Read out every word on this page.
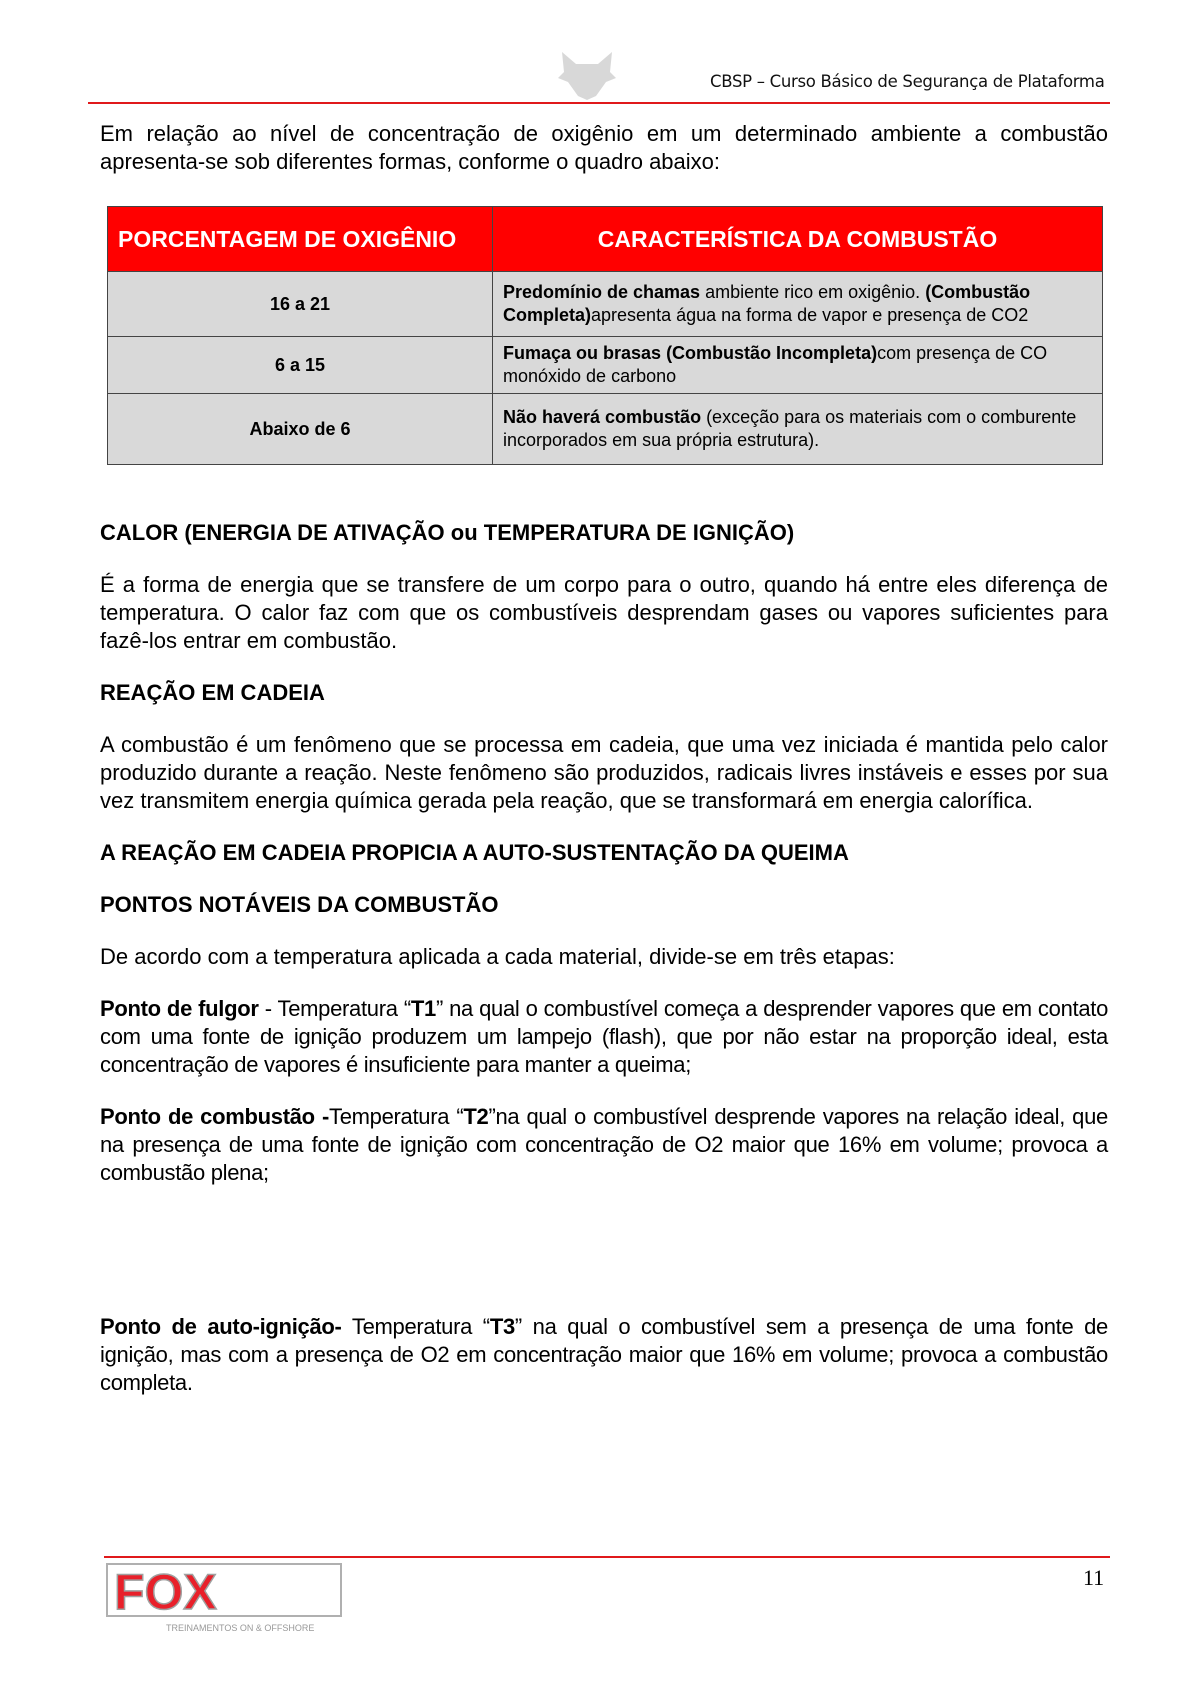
CBSP – Curso Básico de Segurança de Plataforma

Em relação ao nível de concentração de oxigênio em um determinado ambiente a combustão apresenta-se sob diferentes formas, conforme o quadro abaixo:

PORCENTAGEM DE OXIGÊNIO	CARACTERÍSTICA DA COMBUSTÃO
16 a 21	Predomínio de chamas ambiente rico em oxigênio. (Combustão Completa)apresenta água na forma de vapor e presença de CO2
6 a 15	Fumaça ou brasas (Combustão Incompleta)com presença de CO monóxido de carbono
Abaixo de 6	Não haverá combustão (exceção para os materiais com o comburente incorporados em sua própria estrutura).
CALOR (ENERGIA DE ATIVAÇÃO ou TEMPERATURA DE IGNIÇÃO)

É a forma de energia que se transfere de um corpo para o outro, quando há entre eles diferença de temperatura. O calor faz com que os combustíveis desprendam gases ou vapores suficientes para fazê-los entrar em combustão.

REAÇÃO EM CADEIA

A combustão é um fenômeno que se processa em cadeia, que uma vez iniciada é mantida pelo calor produzido durante a reação. Neste fenômeno são produzidos, radicais livres instáveis e esses por sua vez transmitem energia química gerada pela reação, que se transformará em energia calorífica.

A REAÇÃO EM CADEIA PROPICIA A AUTO-SUSTENTAÇÃO DA QUEIMA
PONTOS NOTÁVEIS DA COMBUSTÃO

De acordo com a temperatura aplicada a cada material, divide-se em três etapas:

Ponto de fulgor - Temperatura “T1” na qual o combustível começa a desprender vapores que em contato com uma fonte de ignição produzem um lampejo (flash), que por não estar na proporção ideal, esta concentração de vapores é insuficiente para manter a queima;

Ponto de combustão -Temperatura “T2”na qual o combustível desprende vapores na relação ideal, que na presença de uma fonte de ignição com concentração de O2 maior que 16% em volume; provoca a combustão plena;

Ponto de auto-ignição- Temperatura “T3” na qual o combustível sem a presença de uma fonte de ignição, mas com a presença de O2 em concentração maior que 16% em volume; provoca a combustão completa.

FOX
TREINAMENTOS ON & OFFSHORE
11
